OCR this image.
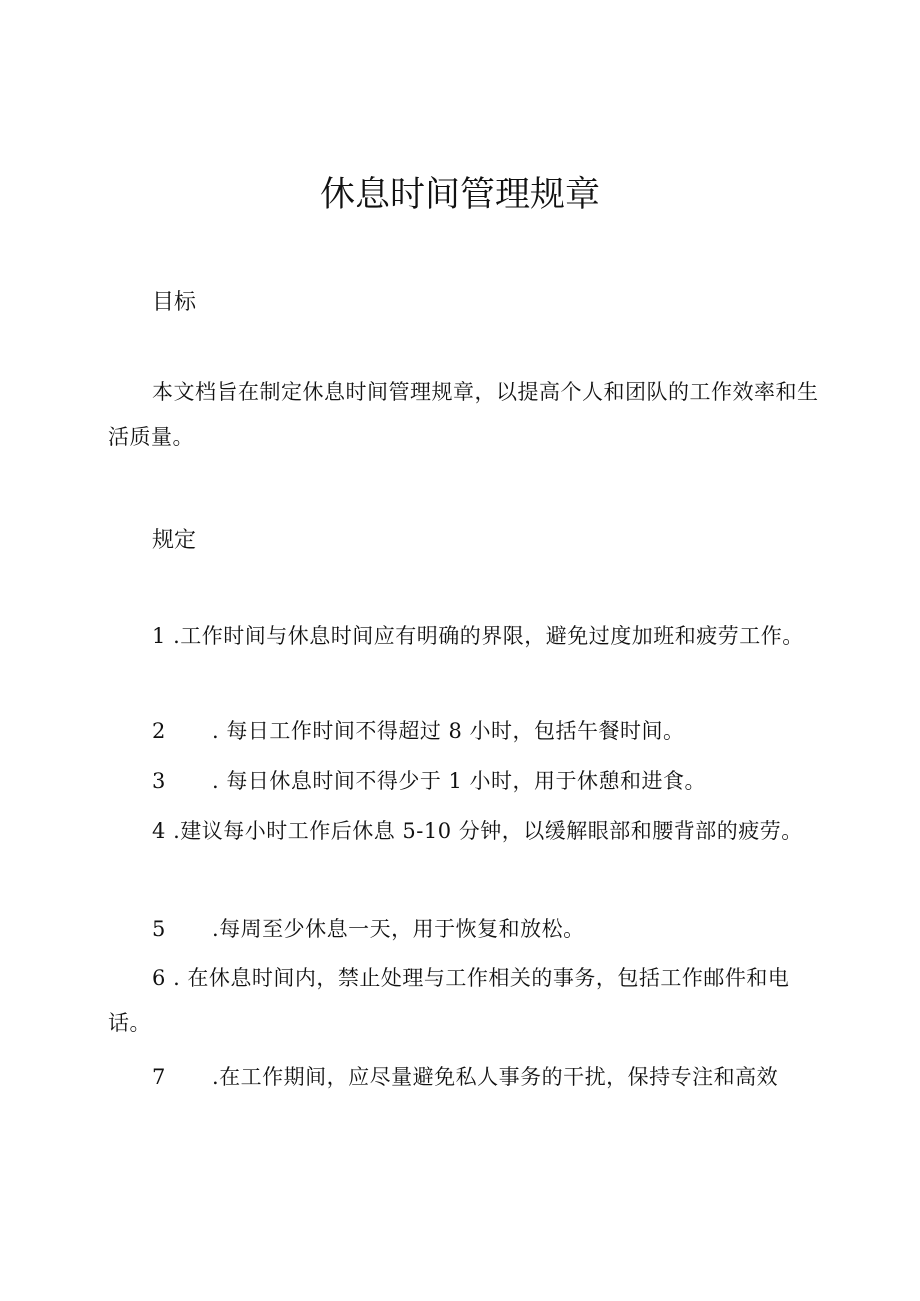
休息时间管理规章
目标

本文档旨在制定休息时间管理规章，以提高个人和团队的工作效率和生活质量。

规定

1 .工作时间与休息时间应有明确的界限，避免过度加班和疲劳工作。

2 . 每日工作时间不得超过 8 小时，包括午餐时间。
3 . 每日休息时间不得少于 1 小时，用于休憩和进食。

4 .建议每小时工作后休息 5-10 分钟，以缓解眼部和腰背部的疲劳。

5 .每周至少休息一天，用于恢复和放松。

6 . 在休息时间内，禁止处理与工作相关的事务，包括工作邮件和电话。

7 .在工作期间，应尽量避免私人事务的干扰，保持专注和高效
